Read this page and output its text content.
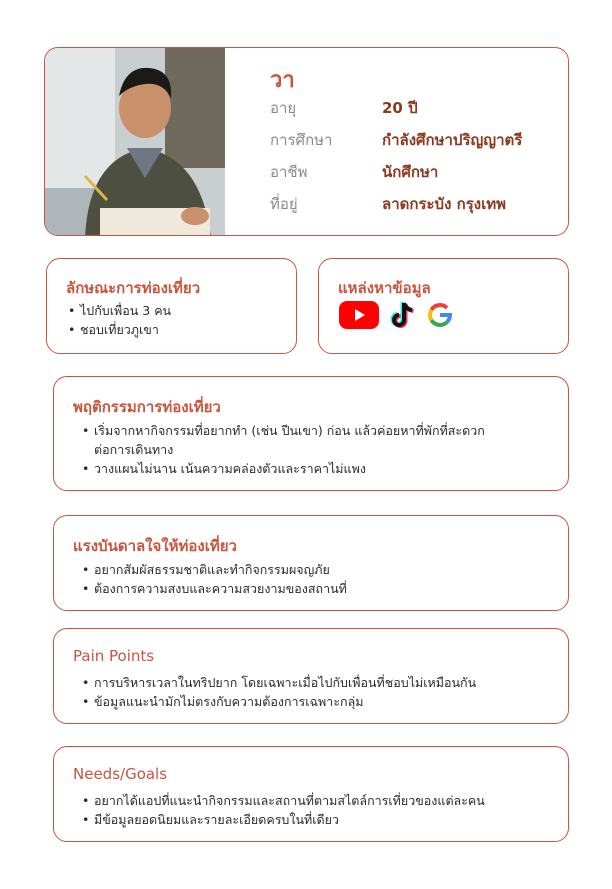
วา
อายุ	20 ปี
การศึกษา	กำลังศึกษาปริญญาตรี
อาชีพ	นักศึกษา
ที่อยู่	ลาดกระบัง กรุงเทพ
ลักษณะการท่องเที่ยว
• ไปกับเพื่อน 3 คน
• ชอบเที่ยวภูเขา
แหล่งหาข้อมูล
พฤติกรรมการท่องเที่ยว
• เริ่มจากหากิจกรรมที่อยากทำ (เช่น ปีนเขา) ก่อน แล้วค่อยหาที่พักที่สะดวกต่อการเดินทาง
• วางแผนไม่นาน เน้นความคล่องตัวและราคาไม่แพง
แรงบันดาลใจให้ท่องเที่ยว
• อยากสัมผัสธรรมชาติและทำกิจกรรมผจญภัย
• ต้องการความสงบและความสวยงามของสถานที่
Pain Points
• การบริหารเวลาในทริปยาก โดยเฉพาะเมื่อไปกับเพื่อนที่ชอบไม่เหมือนกัน
• ข้อมูลแนะนำมักไม่ตรงกับความต้องการเฉพาะกลุ่ม
Needs/Goals
• อยากได้แอปที่แนะนำกิจกรรมและสถานที่ตามสไตล์การเที่ยวของแต่ละคน
• มีข้อมูลยอดนิยมและรายละเอียดครบในที่เดียว
